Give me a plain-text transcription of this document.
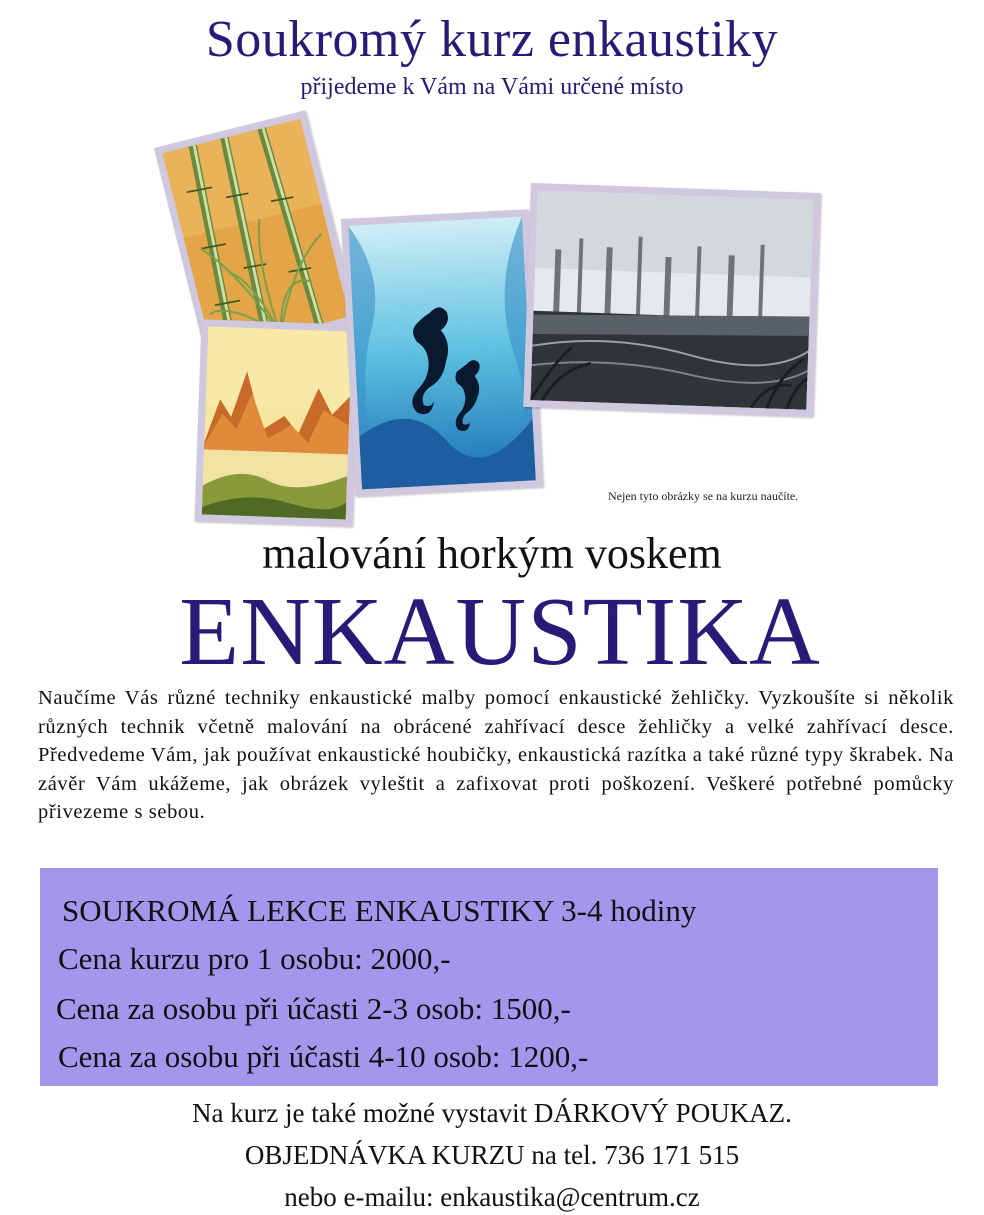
Soukromý kurz enkaustiky
přijedeme k Vám na Vámi určené místo
Nejen tyto obrázky se na kurzu naučíte.
malování horkým voskem
ENKAUSTIKA
Naučíme Vás různé techniky enkaustické malby pomocí enkaustické žehličky. Vyzkoušíte si několik různých technik včetně malování na obrácené zahřívací desce žehličky a velké zahřívací desce. Předvedeme Vám, jak používat enkaustické houbičky, enkaustická razítka a také různé typy škrabek. Na závěr Vám ukážeme, jak obrázek vyleštit a zafixovat proti poškození. Veškeré potřebné pomůcky přivezeme s sebou.
SOUKROMÁ LEKCE ENKAUSTIKY 3-4 hodiny
Cena kurzu pro 1 osobu: 2000,-
Cena za osobu při účasti 2-3 osob: 1500,-
Cena za osobu při účasti 4-10 osob: 1200,-
Na kurz je také možné vystavit DÁRKOVÝ POUKAZ.
OBJEDNÁVKA KURZU na tel. 736 171 515
nebo e-mailu: enkaustika@centrum.cz
